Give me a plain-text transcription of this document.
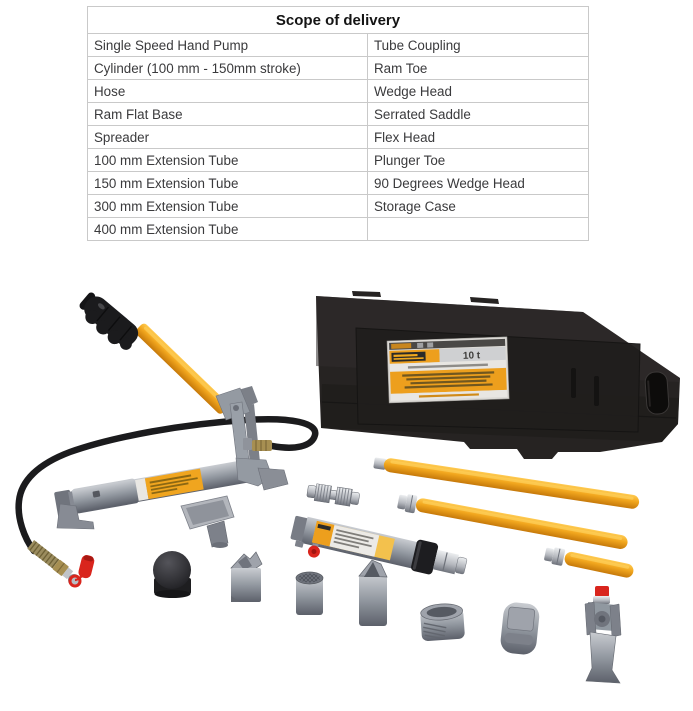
Scope of delivery	
Single Speed Hand Pump	Tube Coupling
Cylinder (100 mm - 150mm stroke)	Ram Toe
Hose	Wedge Head
Ram Flat Base	Serrated Saddle
Spreader	Flex Head
100 mm Extension Tube	Plunger Toe
150 mm Extension Tube	90 Degrees Wedge Head
300 mm Extension Tube	Storage Case
400 mm Extension Tube	
10 t
